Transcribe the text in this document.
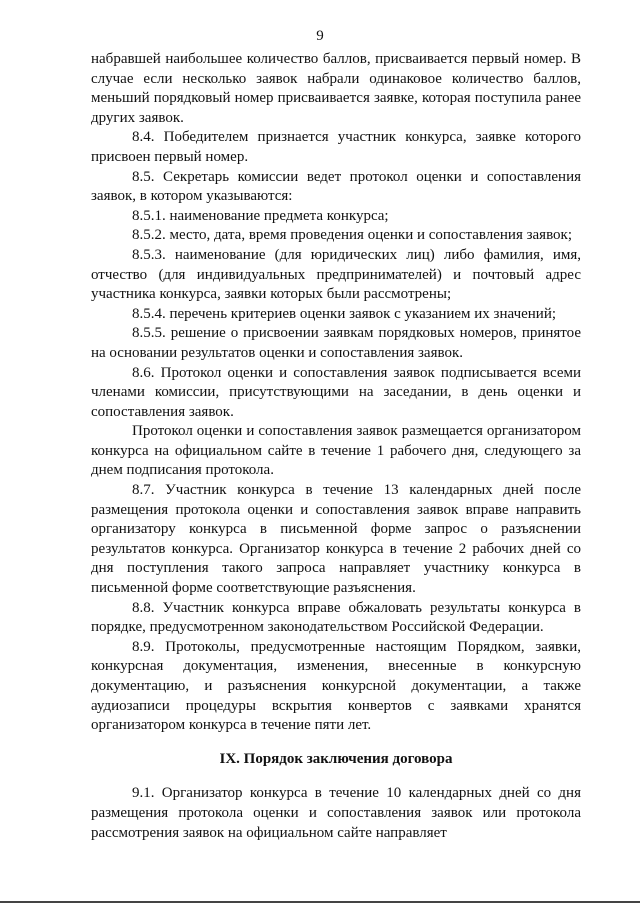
9

набравшей наибольшее количество баллов, присваивается первый номер. В случае если несколько заявок набрали одинаковое количество баллов, меньший порядковый номер присваивается заявке, которая поступила ранее других заявок.

8.4. Победителем признается участник конкурса, заявке которого присвоен первый номер.

8.5. Секретарь комиссии ведет протокол оценки и сопоставления заявок, в котором указываются:

8.5.1. наименование предмета конкурса;

8.5.2. место, дата, время проведения оценки и сопоставления заявок;

8.5.3. наименование (для юридических лиц) либо фамилия, имя, отчество (для индивидуальных предпринимателей) и почтовый адрес участника конкурса, заявки которых были рассмотрены;

8.5.4. перечень критериев оценки заявок с указанием их значений;

8.5.5. решение о присвоении заявкам порядковых номеров, принятое на основании результатов оценки и сопоставления заявок.

8.6. Протокол оценки и сопоставления заявок подписывается всеми членами комиссии, присутствующими на заседании, в день оценки и сопоставления заявок.

Протокол оценки и сопоставления заявок размещается организатором конкурса на официальном сайте в течение 1 рабочего дня, следующего за днем подписания протокола.

8.7. Участник конкурса в течение 13 календарных дней после размещения протокола оценки и сопоставления заявок вправе направить организатору конкурса в письменной форме запрос о разъяснении результатов конкурса. Организатор конкурса в течение 2 рабочих дней со дня поступления такого запроса направляет участнику конкурса в письменной форме соответствующие разъяснения.

8.8. Участник конкурса вправе обжаловать результаты конкурса в порядке, предусмотренном законодательством Российской Федерации.

8.9. Протоколы, предусмотренные настоящим Порядком, заявки, конкурсная документация, изменения, внесенные в конкурсную документацию, и разъяснения конкурсной документации, а также аудиозаписи процедуры вскрытия конвертов с заявками хранятся организатором конкурса в течение пяти лет.

IX. Порядок заключения договора

9.1. Организатор конкурса в течение 10 календарных дней со дня размещения протокола оценки и сопоставления заявок или протокола рассмотрения заявок на официальном сайте направляет
